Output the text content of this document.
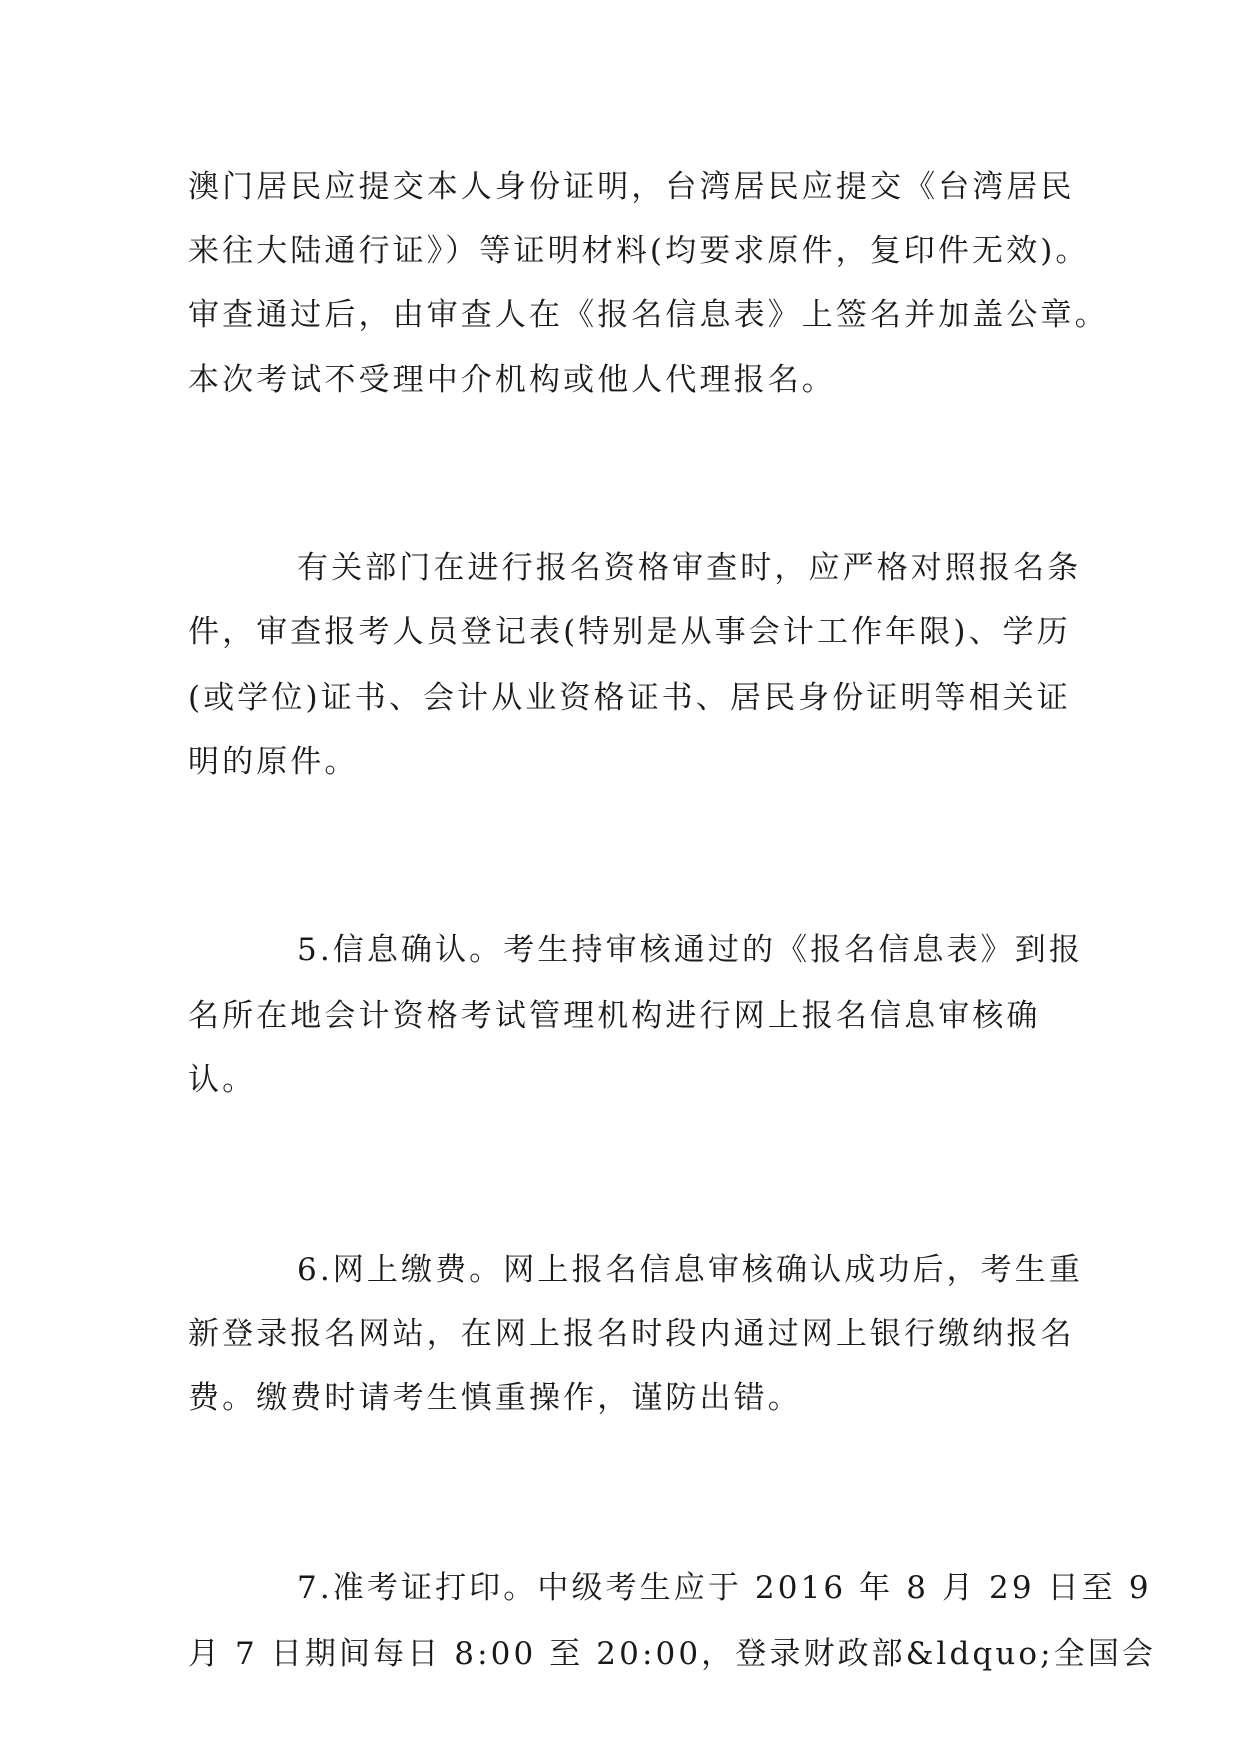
澳门居民应提交本人身份证明，台湾居民应提交《台湾居民
来往大陆通行证》）等证明材料(均要求原件，复印件无效)。
审查通过后，由审查人在《报名信息表》上签名并加盖公章。
本次考试不受理中介机构或他人代理报名。
有关部门在进行报名资格审查时，应严格对照报名条
件，审查报考人员登记表(特别是从事会计工作年限)、学历
(或学位)证书、会计从业资格证书、居民身份证明等相关证
明的原件。
5.信息确认。考生持审核通过的《报名信息表》到报
名所在地会计资格考试管理机构进行网上报名信息审核确
认。
6.网上缴费。网上报名信息审核确认成功后，考生重
新登录报名网站，在网上报名时段内通过网上银行缴纳报名
费。缴费时请考生慎重操作，谨防出错。
7.准考证打印。中级考生应于 2016 年 8 月 29 日至 9
月 7 日期间每日 8:00 至 20:00，登录财政部&ldquo;全国会
